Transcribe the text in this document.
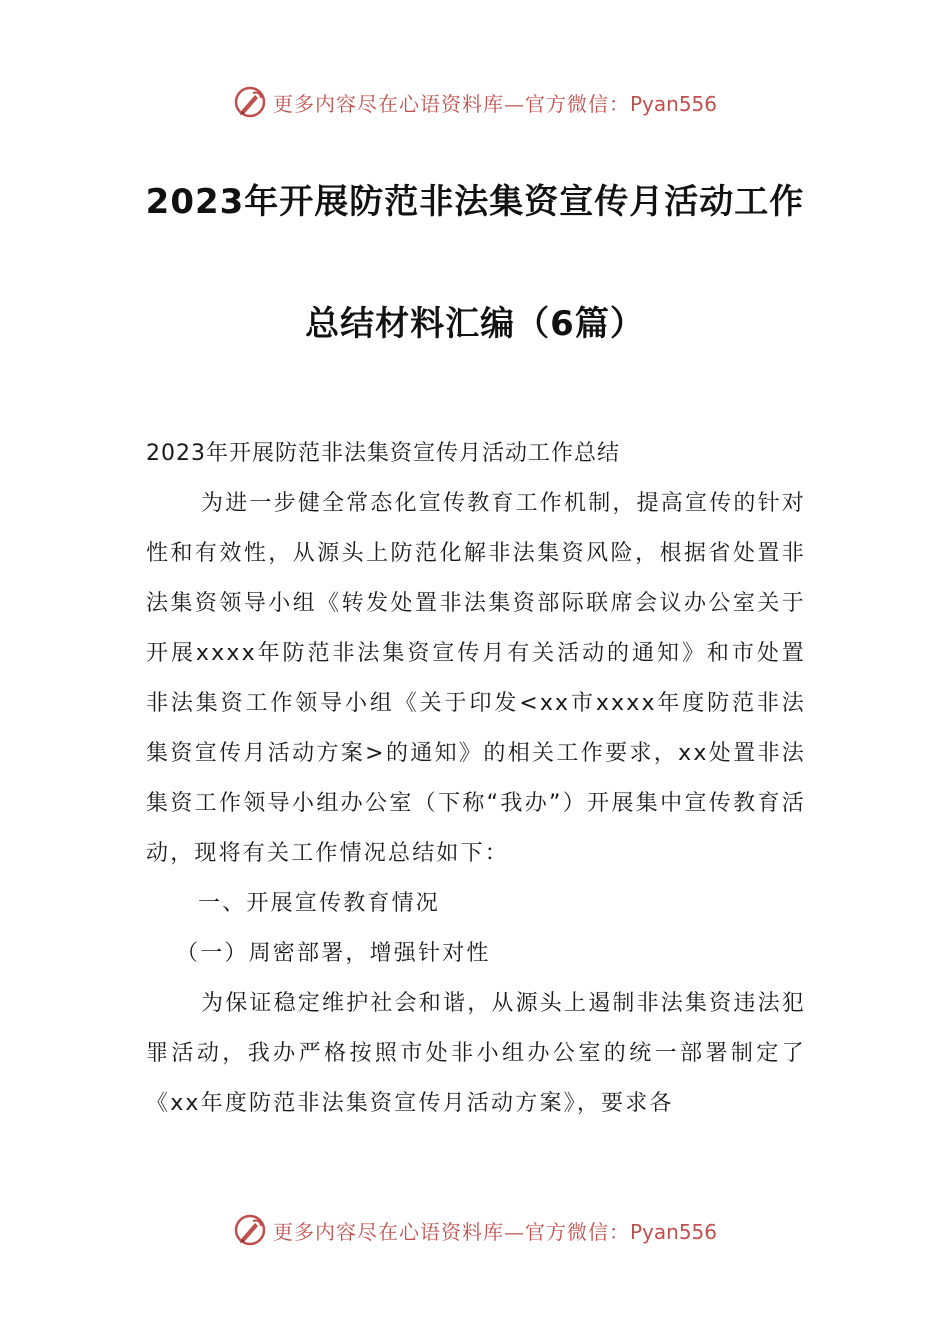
更多内容尽在心语资料库—官方微信：Pyan556
2023年开展防范非法集资宣传月活动工作
总结材料汇编（6篇）

2023年开展防范非法集资宣传月活动工作总结

为进一步健全常态化宣传教育工作机制，提高宣传的针对性和有效性，从源头上防范化解非法集资风险，根据省处置非法集资领导小组《转发处置非法集资部际联席会议办公室关于开展xxxx年防范非法集资宣传月有关活动的通知》和市处置非法集资工作领导小组《关于印发<xx市xxxx年度防范非法集资宣传月活动方案>的通知》的相关工作要求，xx处置非法集资工作领导小组办公室（下称“我办”）开展集中宣传教育活动，现将有关工作情况总结如下：

一、开展宣传教育情况

（一）周密部署，增强针对性

为保证稳定维护社会和谐，从源头上遏制非法集资违法犯罪活动，我办严格按照市处非小组办公室的统一部署制定了《xx年度防范非法集资宣传月活动方案》，要求各

更多内容尽在心语资料库—官方微信：Pyan556
